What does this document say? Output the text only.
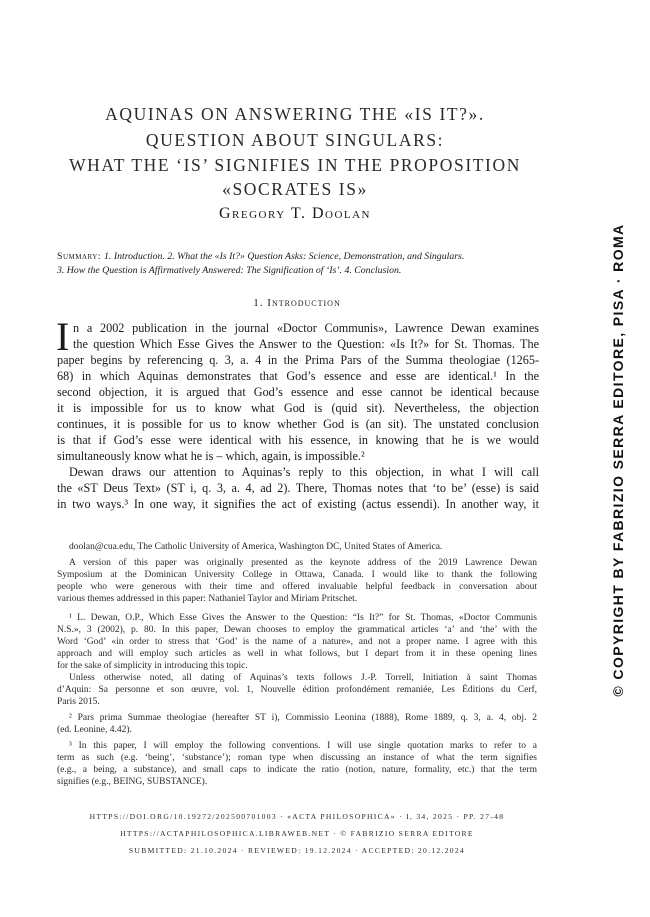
AQUINAS ON ANSWERING THE «IS IT?».
QUESTION ABOUT SINGULARS:
WHAT THE ‘IS’ SIGNIFIES IN THE PROPOSITION
«SOCRATES IS»
Gregory T. Doolan
Summary: 1. Introduction. 2. What the «Is It?» Question Asks: Science, Demonstration, and Singulars.
3. How the Question is Affirmatively Answered: The Signification of ‘Is’. 4. Conclusion.
1. Introduction
I n a 2002 publication in the journal «Doctor Communis», Lawrence Dewan examines
the question Which Esse Gives the Answer to the Question: «Is It?» for St. Thomas. The
paper begins by referencing q. 3, a. 4 in the Prima Pars of the Summa theologiae (1265-
68) in which Aquinas demonstrates that God’s essence and esse are identical.¹ In the
second objection, it is argued that God’s essence and esse cannot be identical because
it is impossible for us to know what God is (quid sit). Nevertheless, the objection
continues, it is possible for us to know whether God is (an sit). The unstated conclusion
is that if God’s esse were identical with his essence, in knowing that he is we would
simultaneously know what he is – which, again, is impossible.²
Dewan draws our attention to Aquinas’s reply to this objection, in what I will call
the «ST Deus Text» (ST i, q. 3, a. 4, ad 2). There, Thomas notes that ‘to be’ (esse) is said
in two ways.³ In one way, it signifies the act of existing (actus essendi). In another way, it
doolan@cua.edu, The Catholic University of America, Washington DC, United States of America.
A version of this paper was originally presented as the keynote address of the 2019 Lawrence Dewan
Symposium at the Dominican University College in Ottawa, Canada. I would like to thank the following
people who were generous with their time and offered invaluable helpful feedback in conversation about
various themes addressed in this paper: Nathaniel Taylor and Miriam Pritschet.
¹ L. Dewan, O.P., Which Esse Gives the Answer to the Question: “Is It?” for St. Thomas, «Doctor Communis
N.S.», 3 (2002), p. 80. In this paper, Dewan chooses to employ the grammatical articles ‘a’ and ‘the’ with the
Word ‘God’ «in order to stress that ‘God’ is the name of a nature», and not a proper name. I agree with this
approach and will employ such articles as well in what follows, but I depart from it in these opening lines
for the sake of simplicity in introducing this topic.
Unless otherwise noted, all dating of Aquinas’s texts follows J.-P. Torrell, Initiation à saint Thomas
d’Aquin: Sa personne et son œuvre, vol. 1, Nouvelle édition profondément remaniée, Les Éditions du Cerf,
Paris 2015.
² Pars prima Summae theologiae (hereafter ST i), Commissio Leonina (1888), Rome 1889, q. 3, a. 4, obj. 2
(ed. Leonine, 4.42).
³ In this paper, I will employ the following conventions. I will use single quotation marks to refer to a
term as such (e.g. ‘being’, ‘substance’); roman type when discussing an instance of what the term signifies
(e.g., a being, a substance), and small caps to indicate the ratio (notion, nature, formality, etc.) that the term
signifies (e.g., BEING, SUBSTANCE).
HTTPS://DOI.ORG/10.19272/202500701003 · «ACTA PHILOSOPHICA» · I, 34, 2025 · PP. 27-48
HTTPS://ACTAPHILOSOPHICA.LIBRAWEB.NET · © FABRIZIO SERRA EDITORE
SUBMITTED: 21.10.2024 · REVIEWED: 19.12.2024 · ACCEPTED: 20.12.2024
© COPYRIGHT BY FABRIZIO SERRA EDITORE, PISA · ROMA
